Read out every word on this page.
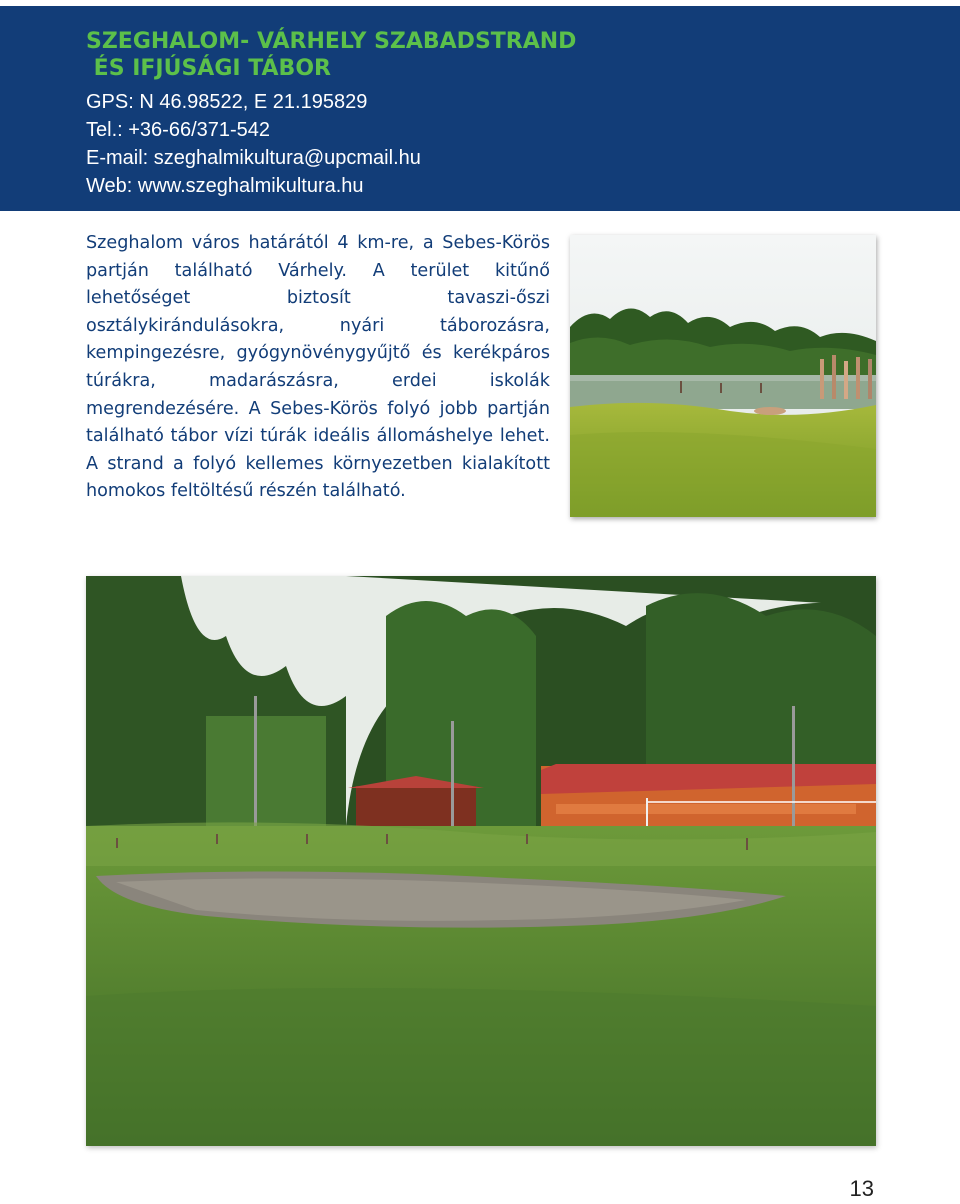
SZEGHALOM- VÁRHELY SZABADSTRAND
ÉS IFJÚSÁGI TÁBOR
GPS: N 46.98522, E 21.195829
Tel.: +36-66/371-542
E-mail: szeghalmikultura@upcmail.hu
Web: www.szeghalmikultura.hu

Szeghalom város határától 4 km-re, a Sebes-Körös partján található Várhely. A terület kitűnő lehetőséget biztosít tavaszi-őszi osztálykirándulásokra, nyári táborozásra, kempingezésre, gyógynövénygyűjtő és kerékpáros túrákra, madarászásra, erdei iskolák megrendezésére. A Sebes-Körös folyó jobb partján található tábor vízi túrák ideális állomáshelye lehet. A strand a folyó kellemes környezetben kialakított homokos feltöltésű részén található.

13
